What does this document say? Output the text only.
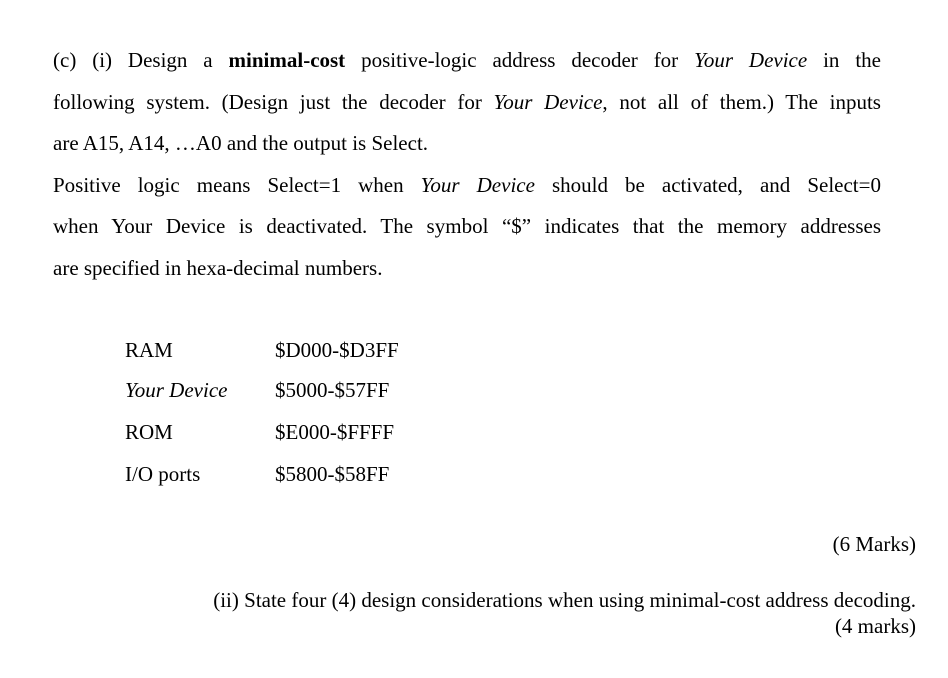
(c) (i) Design a minimal-cost positive-logic address decoder for Your Device in the
following system. (Design just the decoder for Your Device, not all of them.) The inputs
are A15, A14, …A0 and the output is Select.
Positive logic means Select=1 when Your Device should be activated, and Select=0
when Your Device is deactivated. The symbol “$” indicates that the memory addresses
are specified in hexa-decimal numbers.
RAM	$D000-$D3FF
Your Device $5000-$57FF
ROM	$E000-$FFFF
I/O ports	$5800-$58FF
(6 Marks)
(ii) State four (4) design considerations when using minimal-cost address decoding.
(4 marks)
